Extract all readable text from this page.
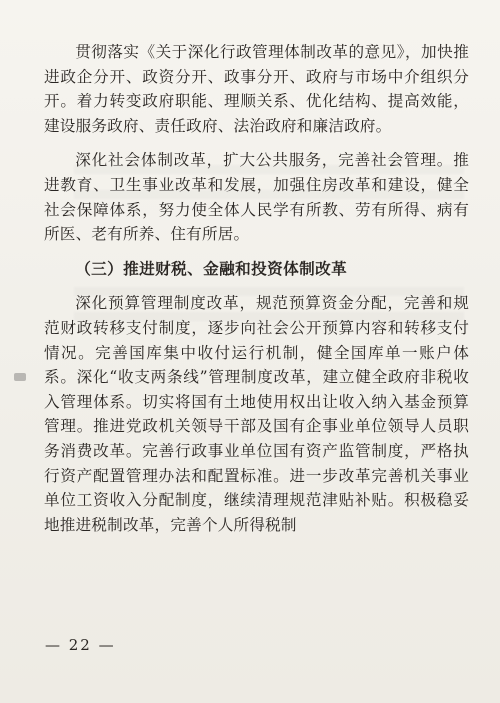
贯彻落实《关于深化行政管理体制改革的意见》，加快推进政企分开、政资分开、政事分开、政府与市场中介组织分开。着力转变政府职能、理顺关系、优化结构、提高效能，建设服务政府、责任政府、法治政府和廉洁政府。

深化社会体制改革，扩大公共服务，完善社会管理。推进教育、卫生事业改革和发展，加强住房改革和建设，健全社会保障体系，努力使全体人民学有所教、劳有所得、病有所医、老有所养、住有所居。

（三）推进财税、金融和投资体制改革

深化预算管理制度改革，规范预算资金分配，完善和规范财政转移支付制度，逐步向社会公开预算内容和转移支付情况。完善国库集中收付运行机制，健全国库单一账户体系。深化“收支两条线”管理制度改革，建立健全政府非税收入管理体系。切实将国有土地使用权出让收入纳入基金预算管理。推进党政机关领导干部及国有企事业单位领导人员职务消费改革。完善行政事业单位国有资产监管制度，严格执行资产配置管理办法和配置标准。进一步改革完善机关事业单位工资收入分配制度，继续清理规范津贴补贴。积极稳妥地推进税制改革，完善个人所得税制

— 22 —
